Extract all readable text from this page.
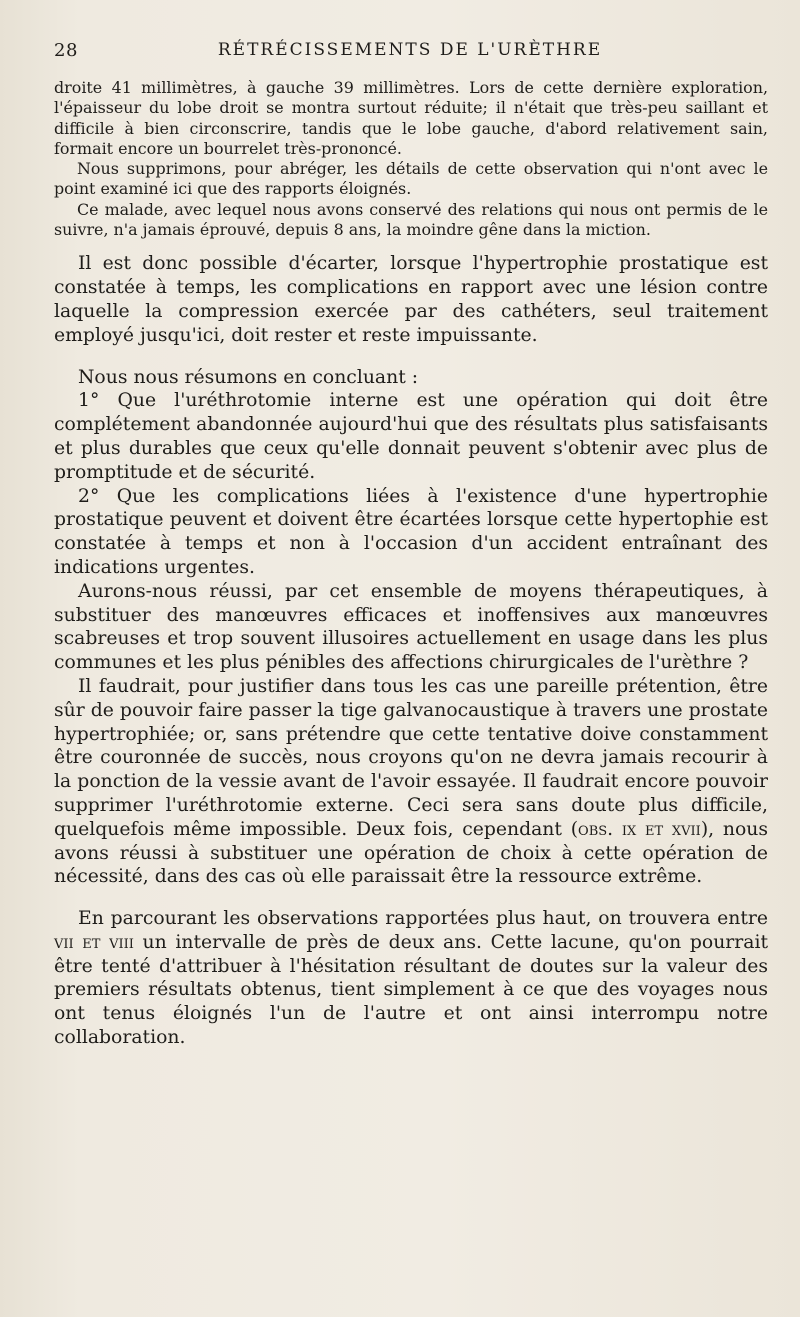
28	RÉTRÉCISSEMENTS DE L'URÈTHRE

droite 41 millimètres, à gauche 39 millimètres. Lors de cette dernière exploration, l'épaisseur du lobe droit se montra surtout réduite; il n'était que très-peu saillant et difficile à bien circonscrire, tandis que le lobe gauche, d'abord relativement sain, formait encore un bourrelet très-prononcé.

Nous supprimons, pour abréger, les détails de cette observation qui n'ont avec le point examiné ici que des rapports éloignés.

Ce malade, avec lequel nous avons conservé des relations qui nous ont permis de le suivre, n'a jamais éprouvé, depuis 8 ans, la moindre gêne dans la miction.

Il est donc possible d'écarter, lorsque l'hypertrophie prostatique est constatée à temps, les complications en rapport avec une lésion contre laquelle la compression exercée par des cathéters, seul traitement employé jusqu'ici, doit rester et reste impuissante.

Nous nous résumons en concluant :

1° Que l'uréthrotomie interne est une opération qui doit être complétement abandonnée aujourd'hui que des résultats plus satisfaisants et plus durables que ceux qu'elle donnait peuvent s'obtenir avec plus de promptitude et de sécurité.

2° Que les complications liées à l'existence d'une hypertrophie prostatique peuvent et doivent être écartées lorsque cette hypertophie est constatée à temps et non à l'occasion d'un accident entraînant des indications urgentes.

Aurons-nous réussi, par cet ensemble de moyens thérapeutiques, à substituer des manœuvres efficaces et inoffensives aux manœuvres scabreuses et trop souvent illusoires actuellement en usage dans les plus communes et les plus pénibles des affections chirurgicales de l'urèthre ?

Il faudrait, pour justifier dans tous les cas une pareille prétention, être sûr de pouvoir faire passer la tige galvanocaustique à travers une prostate hypertrophiée; or, sans prétendre que cette tentative doive constamment être couronnée de succès, nous croyons qu'on ne devra jamais recourir à la ponction de la vessie avant de l'avoir essayée. Il faudrait encore pouvoir supprimer l'uréthrotomie externe. Ceci sera sans doute plus difficile, quelquefois même impossible. Deux fois, cependant (obs. ix et xvii), nous avons réussi à substituer une opération de choix à cette opération de nécessité, dans des cas où elle paraissait être la ressource extrême.

En parcourant les observations rapportées plus haut, on trouvera entre vii et viii un intervalle de près de deux ans. Cette lacune, qu'on pourrait être tenté d'attribuer à l'hésitation résultant de doutes sur la valeur des premiers résultats obtenus, tient simplement à ce que des voyages nous ont tenus éloignés l'un de l'autre et ont ainsi interrompu notre collaboration.
